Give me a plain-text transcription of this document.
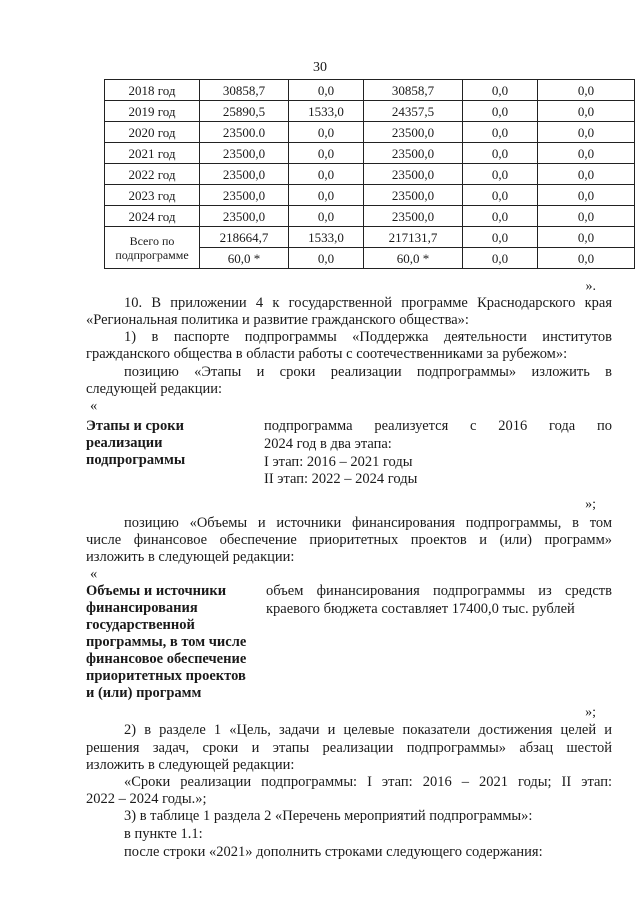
30
2018 год	30858,7	0,0	30858,7	0,0	0,0
2019 год	25890,5	1533,0	24357,5	0,0	0,0
2020 год	23500.0	0,0	23500,0	0,0	0,0
2021 год	23500,0	0,0	23500,0	0,0	0,0
2022 год	23500,0	0,0	23500,0	0,0	0,0
2023 год	23500,0	0,0	23500,0	0,0	0,0
2024 год	23500,0	0,0	23500,0	0,0	0,0
Всего по подпрограмме	218664,7	1533,0	217131,7	0,0	0,0
	60,0 *	0,0	60,0 *	0,0	0,0
».
10. В приложении 4 к государственной программе Краснодарского края
«Региональная политика и развитие гражданского общества»:
1) в паспорте подпрограммы «Поддержка деятельности институтов
гражданского общества в области работы с соотечественниками за рубежом»:
позицию «Этапы и сроки реализации подпрограммы» изложить в
следующей редакции:
«
Этапы и сроки
реализации
подпрограммы
подпрограмма реализуется с 2016 года по
2024 год в два этапа:
I этап: 2016 – 2021 годы
II этап: 2022 – 2024 годы
»;
позицию «Объемы и источники финансирования подпрограммы, в том
числе финансовое обеспечение приоритетных проектов и (или) программ»
изложить в следующей редакции:
«
Объемы и источники
финансирования
государственной
программы, в том числе
финансовое обеспечение
приоритетных проектов
и (или) программ
объем финансирования подпрограммы из средств
краевого бюджета составляет 17400,0 тыс. рублей
»;
2) в разделе 1 «Цель, задачи и целевые показатели достижения целей и
решения задач, сроки и этапы реализации подпрограммы» абзац шестой
изложить в следующей редакции:
«Сроки реализации подпрограммы: I этап: 2016 – 2021 годы; II этап:
2022 – 2024 годы.»;
3) в таблице 1 раздела 2 «Перечень мероприятий подпрограммы»:
в пункте 1.1:
после строки «2021» дополнить строками следующего содержания:
